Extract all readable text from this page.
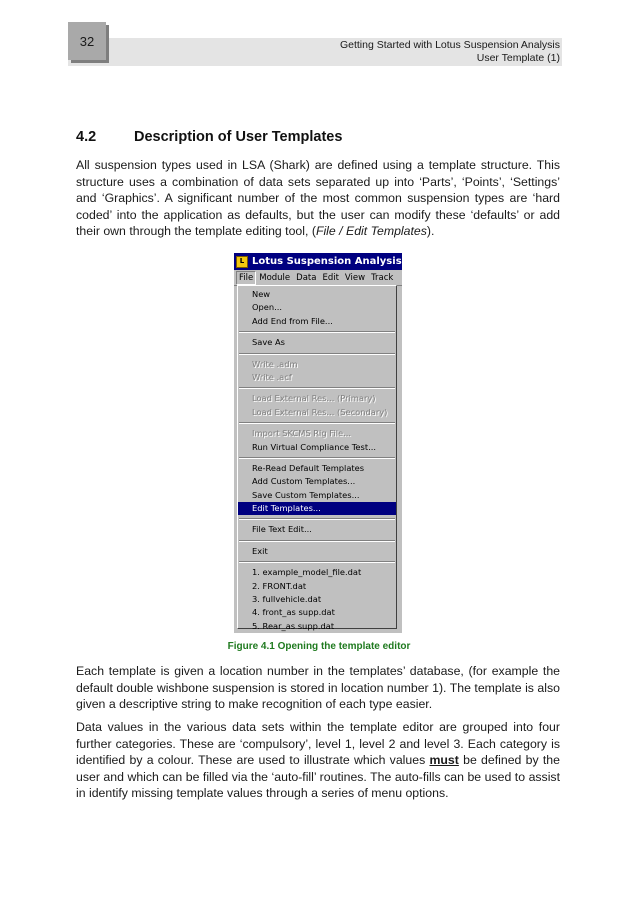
32	Getting Started with Lotus Suspension Analysis
User Template (1)
4.2	Description of User Templates
All suspension types used in LSA (Shark) are defined using a template structure. This structure uses a combination of data sets separated up into ‘Parts’, ‘Points’, ‘Settings’ and ‘Graphics’. A significant number of the most common suspension types are ‘hard coded’ into the application as defaults, but the user can modify these ‘defaults’ or add their own through the template editing tool, (File / Edit Templates).
L Lotus Suspension Analysis v4.02
File Module Data Edit View Track
New
Open...
Add End from File...
Save As
Write .adm
Write .acf
Load External Res... (Primary)
Load External Res... (Secondary)
Import SKCMS Rig File...
Run Virtual Compliance Test...
Re-Read Default Templates
Add Custom Templates...
Save Custom Templates...
Edit Templates...
File Text Edit...
Exit
1. example_model_file.dat
2. FRONT.dat
3. fullvehicle.dat
4. front_as supp.dat
5. Rear_as supp.dat
Figure 4.1 Opening the template editor
Each template is given a location number in the templates’ database, (for example the default double wishbone suspension is stored in location number 1). The template is also given a descriptive string to make recognition of each type easier.
Data values in the various data sets within the template editor are grouped into four further categories. These are ‘compulsory’, level 1, level 2 and level 3. Each category is identified by a colour. These are used to illustrate which values must be defined by the user and which can be filled via the ‘auto-fill’ routines. The auto-fills can be used to assist in identify missing template values through a series of menu options.
